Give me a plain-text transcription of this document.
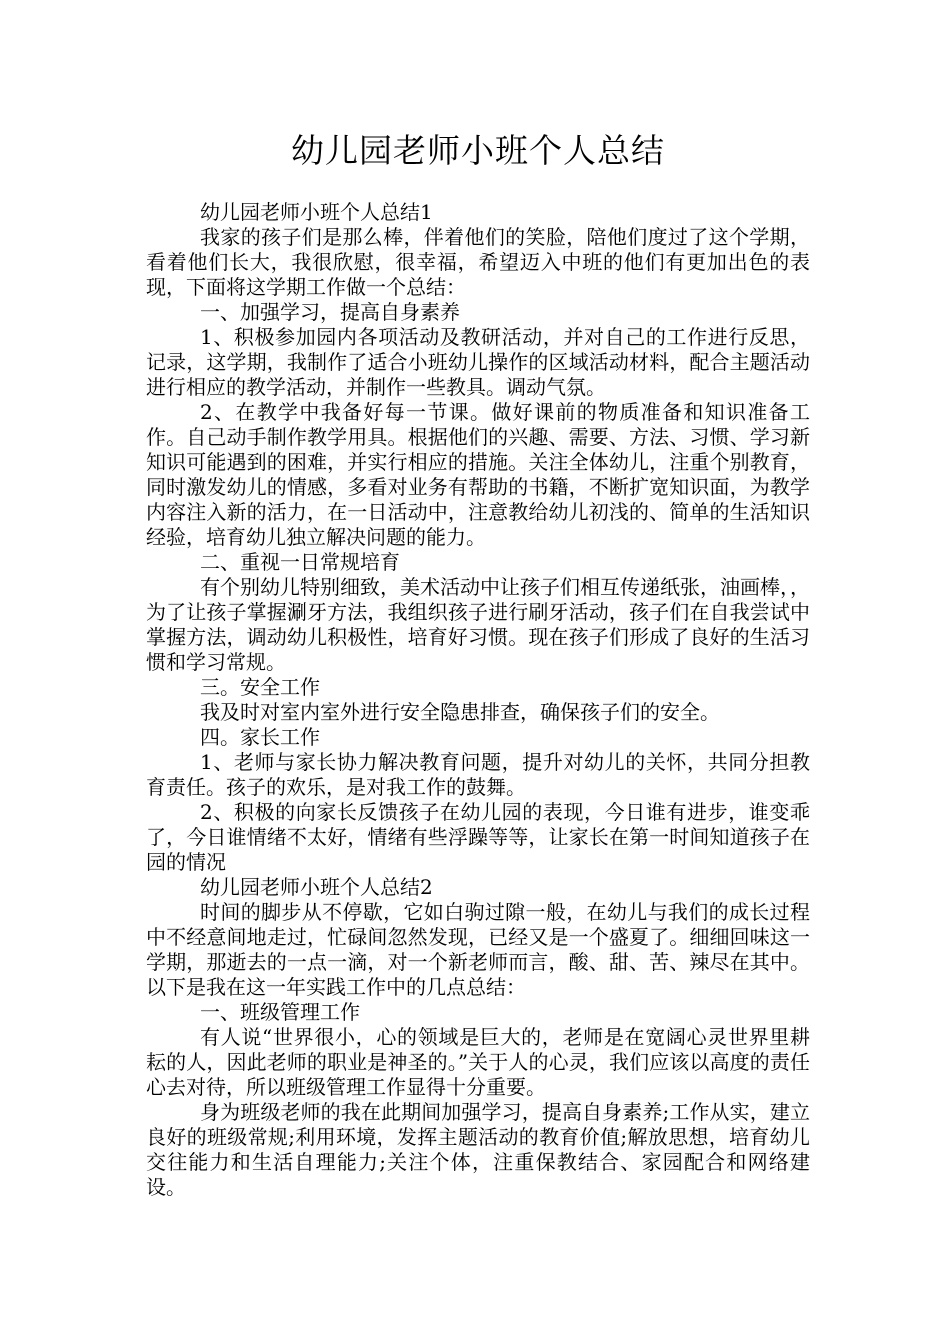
幼儿园老师小班个人总结

幼儿园老师小班个人总结1

我家的孩子们是那么棒，伴着他们的笑脸，陪他们度过了这个学期，看着他们长大，我很欣慰，很幸福，希望迈入中班的他们有更加出色的表现，下面将这学期工作做一个总结：

一、加强学习，提高自身素养

1、积极参加园内各项活动及教研活动，并对自己的工作进行反思，记录，这学期，我制作了适合小班幼儿操作的区域活动材料，配合主题活动进行相应的教学活动，并制作一些教具。调动气氛。

2、在教学中我备好每一节课。做好课前的物质准备和知识准备工作。自己动手制作教学用具。根据他们的兴趣、需要、方法、习惯、学习新知识可能遇到的困难，并实行相应的措施。关注全体幼儿，注重个别教育，同时激发幼儿的情感，多看对业务有帮助的书籍，不断扩宽知识面，为教学内容注入新的活力，在一日活动中，注意教给幼儿初浅的、简单的生活知识经验，培育幼儿独立解决问题的能力。

二、重视一日常规培育

有个别幼儿特别细致，美术活动中让孩子们相互传递纸张，油画棒，，为了让孩子掌握涮牙方法，我组织孩子进行刷牙活动，孩子们在自我尝试中掌握方法，调动幼儿积极性，培育好习惯。现在孩子们形成了良好的生活习惯和学习常规。

三。安全工作

我及时对室内室外进行安全隐患排查，确保孩子们的安全。

四。家长工作

1、老师与家长协力解决教育问题，提升对幼儿的关怀，共同分担教育责任。孩子的欢乐，是对我工作的鼓舞。

2、积极的向家长反馈孩子在幼儿园的表现，今日谁有进步，谁变乖了，今日谁情绪不太好，情绪有些浮躁等等，让家长在第一时间知道孩子在园的情况

幼儿园老师小班个人总结2

时间的脚步从不停歇，它如白驹过隙一般，在幼儿与我们的成长过程中不经意间地走过，忙碌间忽然发现，已经又是一个盛夏了。细细回味这一学期，那逝去的一点一滴，对一个新老师而言，酸、甜、苦、辣尽在其中。以下是我在这一年实践工作中的几点总结：

一、班级管理工作

有人说“世界很小，心的领域是巨大的，老师是在宽阔心灵世界里耕耘的人，因此老师的职业是神圣的。”关于人的心灵，我们应该以高度的责任心去对待，所以班级管理工作显得十分重要。

身为班级老师的我在此期间加强学习，提高自身素养;工作从实，建立良好的班级常规;利用环境，发挥主题活动的教育价值;解放思想，培育幼儿交往能力和生活自理能力;关注个体，注重保教结合、家园配合和网络建设。
